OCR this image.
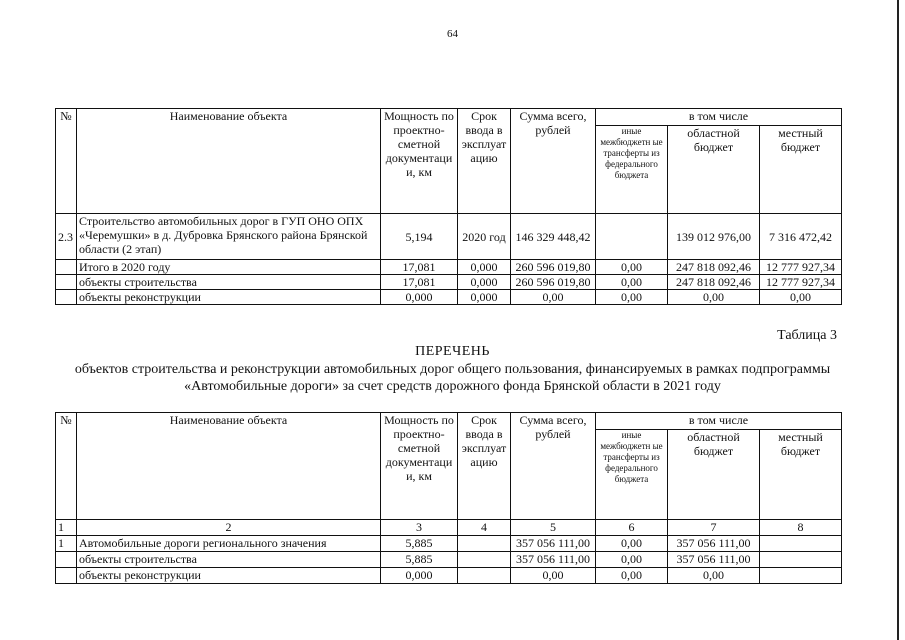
64
№	Наименование объекта	Мощность по проектно-сметной документаци и, км	Срок ввода в эксплуат ацию	Сумма всего, рублей	в том числе		
					иные межбюджетн ые трансферты из федерального бюджета	областной бюджет	местный бюджет
2.3	Строительство автомобильных дорог в ГУП ОНО ОПХ «Черемушки» в д. Дубровка Брянского района Брянской области (2 этап)	5,194	2020 год	146 329 448,42		139 012 976,00	7 316 472,42
	Итого в 2020 году	17,081	0,000	260 596 019,80	0,00	247 818 092,46	12 777 927,34
	объекты строительства	17,081	0,000	260 596 019,80	0,00	247 818 092,46	12 777 927,34
	объекты реконструкции	0,000	0,000	0,00	0,00	0,00	0,00
Таблица 3
ПЕРЕЧЕНЬ
объектов строительства и реконструкции автомобильных дорог общего пользования, финансируемых в рамках подпрограммы «Автомобильные дороги» за счет средств дорожного фонда Брянской области в 2021 году
№	Наименование объекта	Мощность по проектно-сметной документаци и, км	Срок ввода в эксплуат ацию	Сумма всего, рублей	в том числе		
					иные межбюджетн ые трансферты из федерального бюджета	областной бюджет	местный бюджет
1	2	3	4	5	6	7	8
1	Автомобильные дороги регионального значения	5,885		357 056 111,00	0,00	357 056 111,00	
	объекты строительства	5,885		357 056 111,00	0,00	357 056 111,00	
	объекты реконструкции	0,000		0,00	0,00	0,00	
